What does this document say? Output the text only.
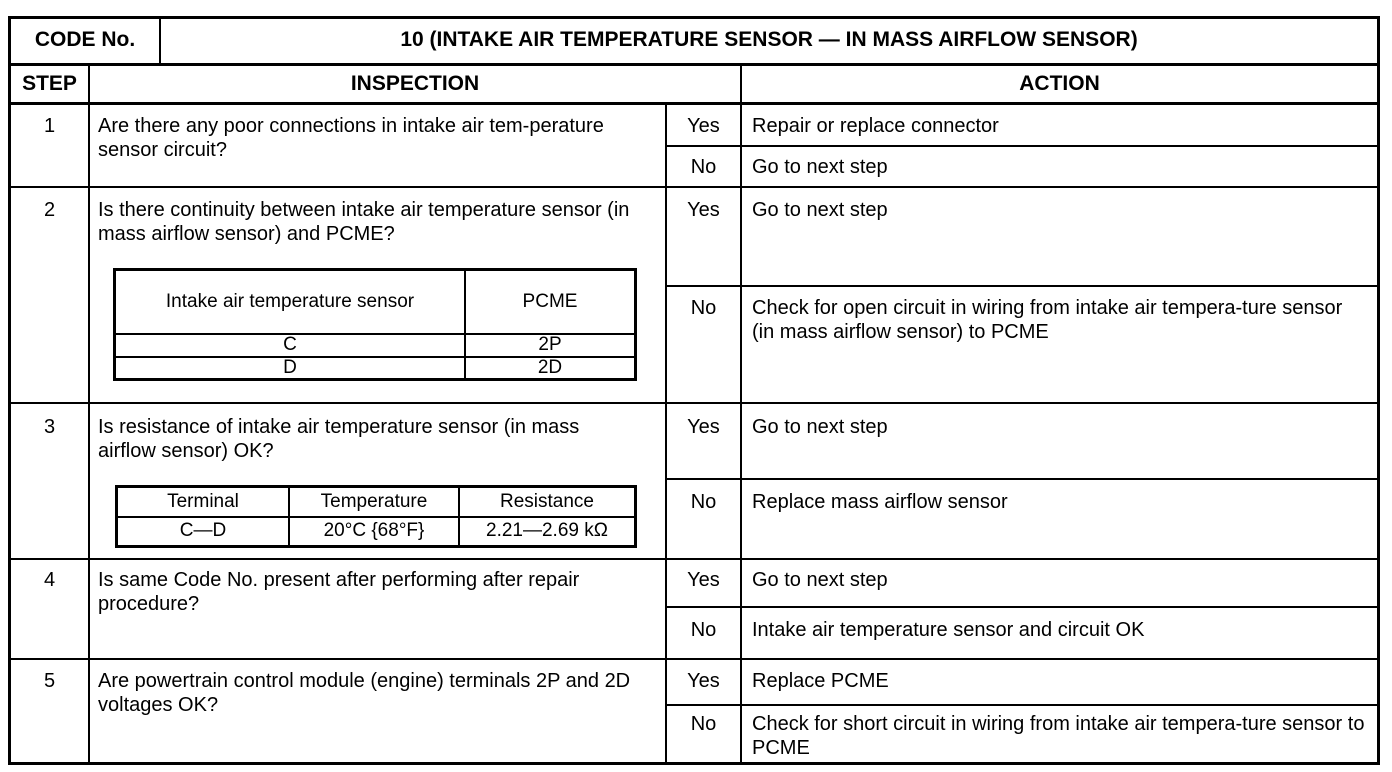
CODE No.	10 (INTAKE AIR TEMPERATURE SENSOR — IN MASS AIRFLOW SENSOR)
STEP	INSPECTION	ACTION
1	Are there any poor connections in intake air tem-perature sensor circuit?
Yes	Repair or replace connector
No	Go to next step
2	Is there continuity between intake air temperature sensor (in mass airflow sensor) and PCME?
Intake air temperature sensor	PCME
C	2P
D	2D
Yes	Go to next step
No	Check for open circuit in wiring from intake air tempera-ture sensor (in mass airflow sensor) to PCME
3	Is resistance of intake air temperature sensor (in mass airflow sensor) OK?
Terminal	Temperature	Resistance
C—D	20°C {68°F}	2.21—2.69 kΩ
Yes	Go to next step
No	Replace mass airflow sensor
4	Is same Code No. present after performing after repair procedure?
Yes	Go to next step
No	Intake air temperature sensor and circuit OK
5	Are powertrain control module (engine) terminals 2P and 2D voltages OK?
Yes	Replace PCME
No	Check for short circuit in wiring from intake air tempera-ture sensor to PCME
